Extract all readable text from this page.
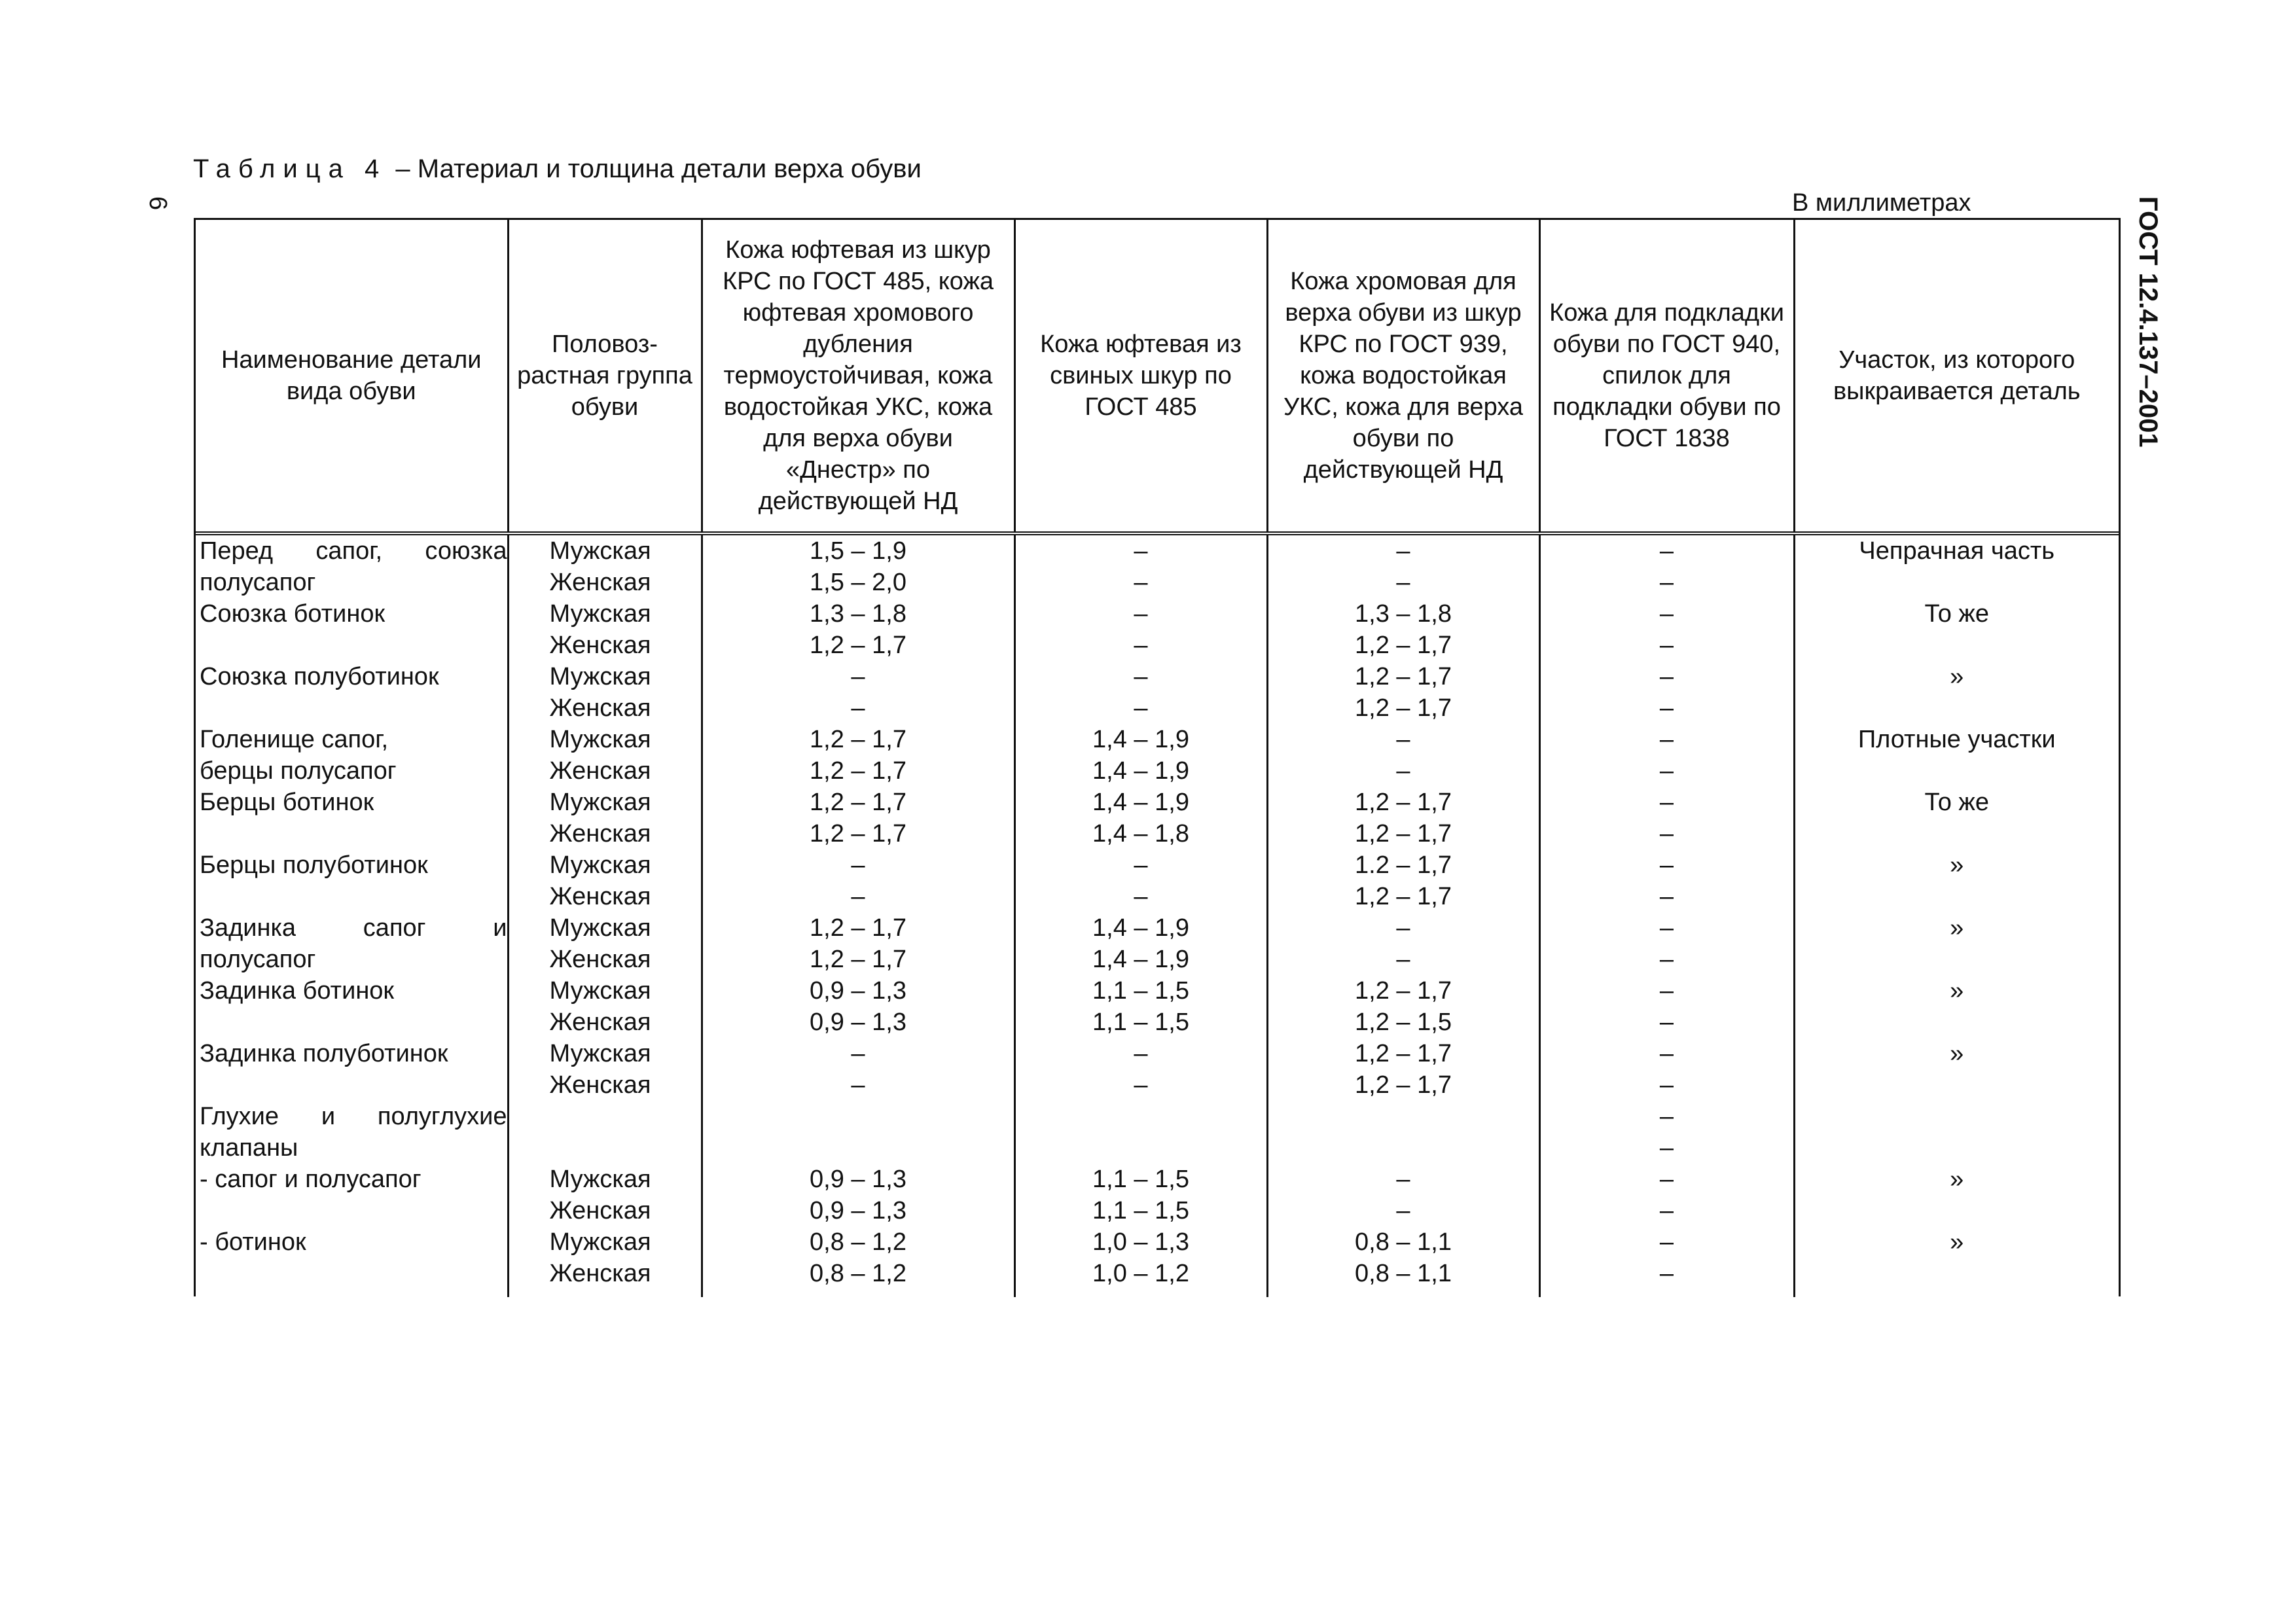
6
Таблица 4 – Материал и толщина детали верха обуви
В миллиметрах	ГОСТ 12.4.137–2001
Наименование детали вида обуви	Половоз-растная группа обуви	Кожа юфтевая из шкур КРС по ГОСТ 485, кожа юфтевая хромового дубления термоустойчивая, кожа водостойкая УКС, кожа для верха обуви «Днестр» по действующей НД	Кожа юфтевая из свиных шкур по ГОСТ 485	Кожа хромовая для верха обуви из шкур КРС по ГОСТ 939, кожа водостойкая УКС, кожа для верха обуви по действующей НД	Кожа для подкладки обуви по ГОСТ 940, спилок для подкладки обуви по ГОСТ 1838	Участок, из которого выкраивается деталь
Перед сапог, союзка	Мужская	1,5 – 1,9	–	–	–	Чепрачная часть
полусапог	Женская	1,5 – 2,0	–	–	–	
Союзка ботинок	Мужская	1,3 – 1,8	–	1,3 – 1,8	–	То же
	Женская	1,2 – 1,7	–	1,2 – 1,7	–	
Союзка полуботинок	Мужская	–	–	1,2 – 1,7	–	»
	Женская	–	–	1,2 – 1,7	–	
Голенище сапог,	Мужская	1,2 – 1,7	1,4 – 1,9	–	–	Плотные участки
берцы полусапог	Женская	1,2 – 1,7	1,4 – 1,9	–	–	
Берцы ботинок	Мужская	1,2 – 1,7	1,4 – 1,9	1,2 – 1,7	–	То же
	Женская	1,2 – 1,7	1,4 – 1,8	1,2 – 1,7	–	
Берцы полуботинок	Мужская	–	–	1.2 – 1,7	–	»
	Женская	–	–	1,2 – 1,7	–	
Задинка сапог и	Мужская	1,2 – 1,7	1,4 – 1,9	–	–	»
полусапог	Женская	1,2 – 1,7	1,4 – 1,9	–	–	
Задинка ботинок	Мужская	0,9 – 1,3	1,1 – 1,5	1,2 – 1,7	–	»
	Женская	0,9 – 1,3	1,1 – 1,5	1,2 – 1,5	–	
Задинка полуботинок	Мужская	–	–	1,2 – 1,7	–	»
	Женская	–	–	1,2 – 1,7	–	
Глухие и полуглухие					–	
клапаны					–	
- сапог и полусапог	Мужская	0,9 – 1,3	1,1 – 1,5	–	–	»
	Женская	0,9 – 1,3	1,1 – 1,5	–	–	
- ботинок	Мужская	0,8 – 1,2	1,0 – 1,3	0,8 – 1,1	–	»
	Женская	0,8 – 1,2	1,0 – 1,2	0,8 – 1,1	–	
